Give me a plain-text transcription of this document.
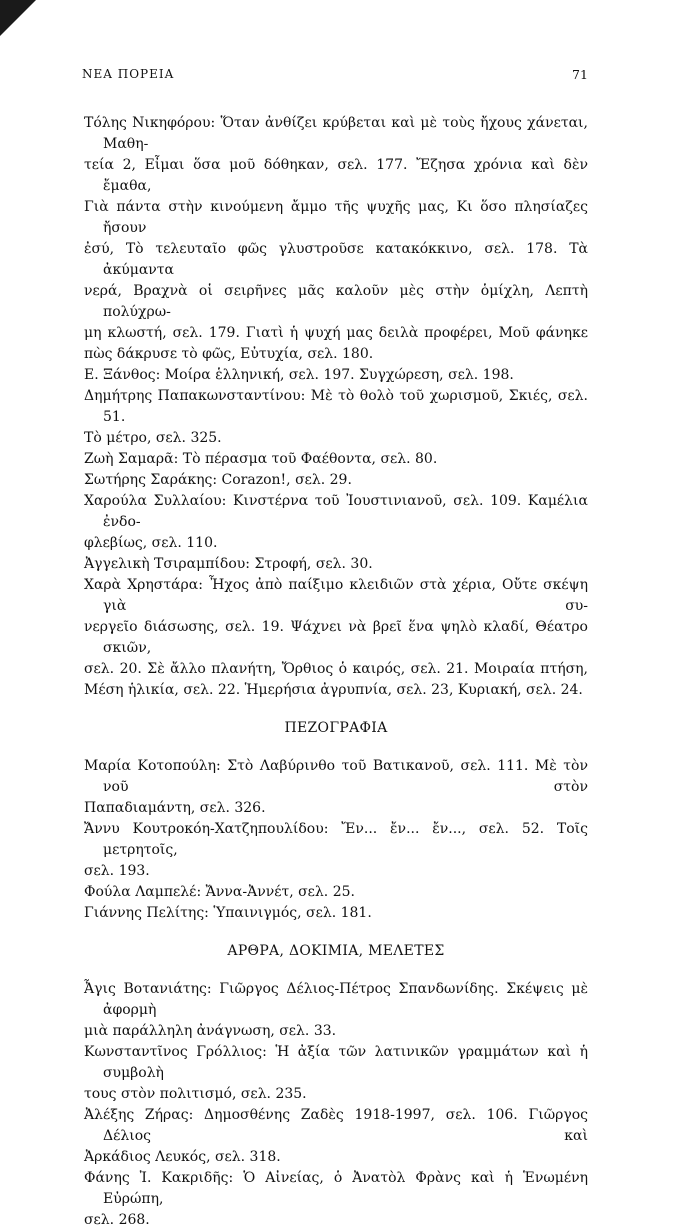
ΝΕΑ ΠΟΡΕΙΑ	71

Τόλης Νικηφόρου: Ὅταν ἀνθίζει κρύβεται καὶ μὲ τοὺς ἤχους χάνεται, Μαθη-
τεία 2, Εἶμαι ὅσα μοῦ δόθηκαν, σελ. 177. Ἔζησα χρόνια καὶ δὲν ἔμαθα,
Γιὰ πάντα στὴν κινούμενη ἄμμο τῆς ψυχῆς μας, Κι ὅσο πλησίαζες ἤσουν
ἐσύ, Τὸ τελευταῖο φῶς γλυστροῦσε κατακόκκινο, σελ. 178. Τὰ ἀκύμαντα
νερά, Βραχνὰ οἱ σειρῆνες μᾶς καλοῦν μὲς στὴν ὁμίχλη, Λεπτὴ πολύχρω-
μη κλωστή, σελ. 179. Γιατὶ ἡ ψυχή μας δειλὰ προφέρει, Μοῦ φάνηκε
πὼς δάκρυσε τὸ φῶς, Εὐτυχία, σελ. 180.

Ε. Ξάνθος: Μοίρα ἑλληνική, σελ. 197. Συγχώρεση, σελ. 198.

Δημήτρης Παπακωνσταντίνου: Μὲ τὸ θολὸ τοῦ χωρισμοῦ, Σκιές, σελ. 51.
Τὸ μέτρο, σελ. 325.

Ζωὴ Σαμαρᾶ: Τὸ πέρασμα τοῦ Φαέθοντα, σελ. 80.

Σωτήρης Σαράκης: Corazon!, σελ. 29.

Χαρούλα Συλλαίου: Κινστέρνα τοῦ Ἰουστινιανοῦ, σελ. 109. Καμέλια ἐνδο-
φλεβίως, σελ. 110.

Ἀγγελικὴ Τσιραμπίδου: Στροφή, σελ. 30.

Χαρὰ Χρηστάρα: Ἦχος ἀπὸ παίξιμο κλειδιῶν στὰ χέρια, Οὔτε σκέψη γιὰ συ-
νεργεῖο διάσωσης, σελ. 19. Ψάχνει νὰ βρεῖ ἕνα ψηλὸ κλαδί, Θέατρο σκιῶν,
σελ. 20. Σὲ ἄλλο πλανήτη, Ὄρθιος ὁ καιρός, σελ. 21. Μοιραία πτήση,
Μέση ἡλικία, σελ. 22. Ἡμερήσια ἀγρυπνία, σελ. 23, Κυριακή, σελ. 24.

ΠΕΖΟΓΡΑΦΙΑ

Μαρία Κοτοπούλη: Στὸ Λαβύρινθο τοῦ Βατικανοῦ, σελ. 111. Μὲ τὸν νοῦ στὸν
Παπαδιαμάντη, σελ. 326.

Ἄννυ Κουτροκόη-Χατζηπουλίδου: Ἔν... ἔν... ἔν..., σελ. 52. Τοῖς μετρητοῖς,
σελ. 193.

Φούλα Λαμπελέ: Ἄννα-Ἀννέτ, σελ. 25.

Γιάννης Πελίτης: Ὑπαινιγμός, σελ. 181.

ΑΡΘΡΑ, ΔΟΚΙΜΙΑ, ΜΕΛΕΤΕΣ

Ἆγις Βοτανιάτης: Γιῶργος Δέλιος-Πέτρος Σπανδωνίδης. Σκέψεις μὲ ἀφορμὴ
μιὰ παράλληλη ἀνάγνωση, σελ. 33.

Κωνσταντῖνος Γρόλλιος: Ἡ ἀξία τῶν λατινικῶν γραμμάτων καὶ ἡ συμβολὴ
τους στὸν πολιτισμό, σελ. 235.

Ἀλέξης Ζήρας: Δημοσθένης Ζαδὲς 1918-1997, σελ. 106. Γιῶργος Δέλιος καὶ
Ἀρκάδιος Λευκός, σελ. 318.

Φάνης Ἰ. Κακριδῆς: Ὁ Αἰνείας, ὁ Ἀνατὸλ Φρὰνς καὶ ἡ Ἑνωμένη Εὐρώπη,
σελ. 268.
